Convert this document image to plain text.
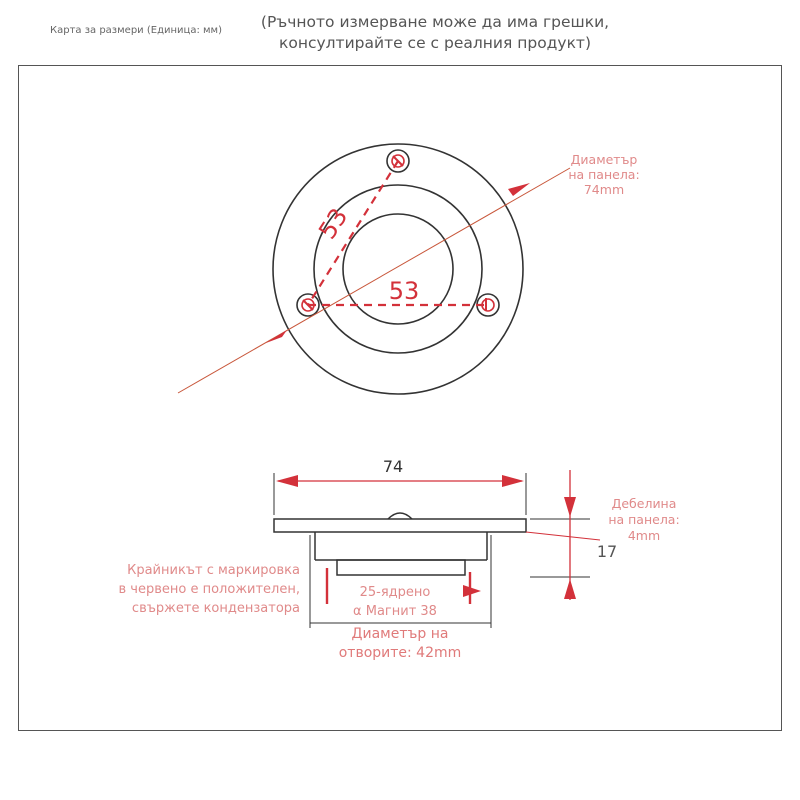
Карта за размери (Единица: мм)	(Ръчното измерване може да има грешки,
консултирайте се с реалния продукт)
53
53
Диаметър
на панела:
74mm
74
17
Дебелина
на панела:
4mm
Крайникът с маркировка
в червено е положителен,
свържете кондензатора
25-ядрено
α Магнит 38
Диаметър на
отворите: 42mm
